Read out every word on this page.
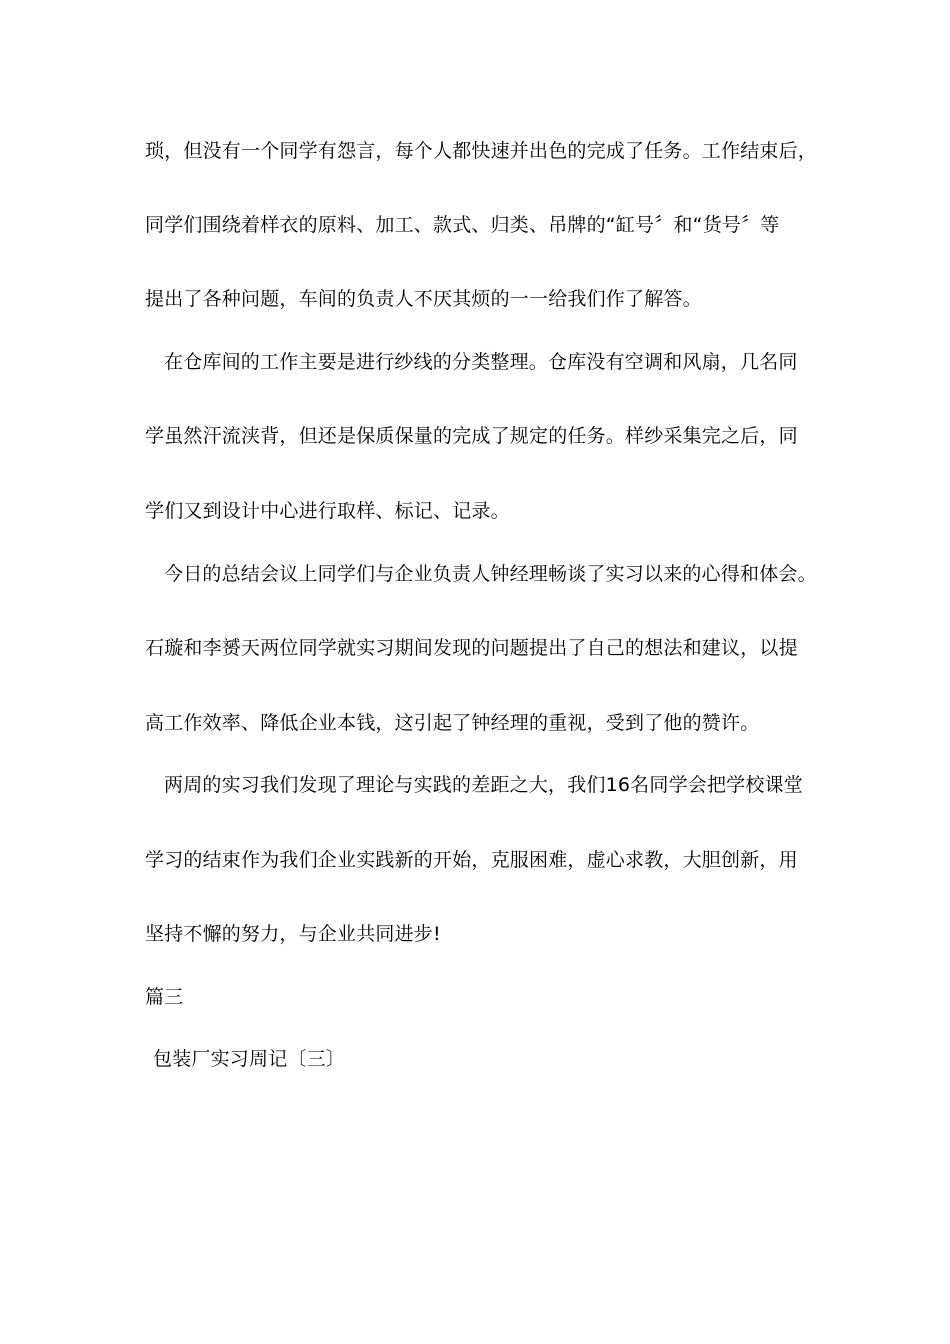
琐，但没有一个同学有怨言，每个人都快速并出色的完成了任务。工作结束后，
同学们围绕着样衣的原料、加工、款式、归类、吊牌的“缸号〞和“货号〞等
提出了各种问题，车间的负责人不厌其烦的一一给我们作了解答。
在仓库间的工作主要是进行纱线的分类整理。仓库没有空调和风扇，几名同
学虽然汗流浃背，但还是保质保量的完成了规定的任务。样纱采集完之后，同
学们又到设计中心进行取样、标记、记录。
今日的总结会议上同学们与企业负责人钟经理畅谈了实习以来的心得和体会。
石璇和李赟天两位同学就实习期间发现的问题提出了自己的想法和建议，以提
高工作效率、降低企业本钱，这引起了钟经理的重视，受到了他的赞许。
两周的实习我们发现了理论与实践的差距之大，我们16名同学会把学校课堂
学习的结束作为我们企业实践新的开始，克服困难，虚心求教，大胆创新，用
坚持不懈的努力，与企业共同进步!
篇三
包装厂实习周记〔三〕
